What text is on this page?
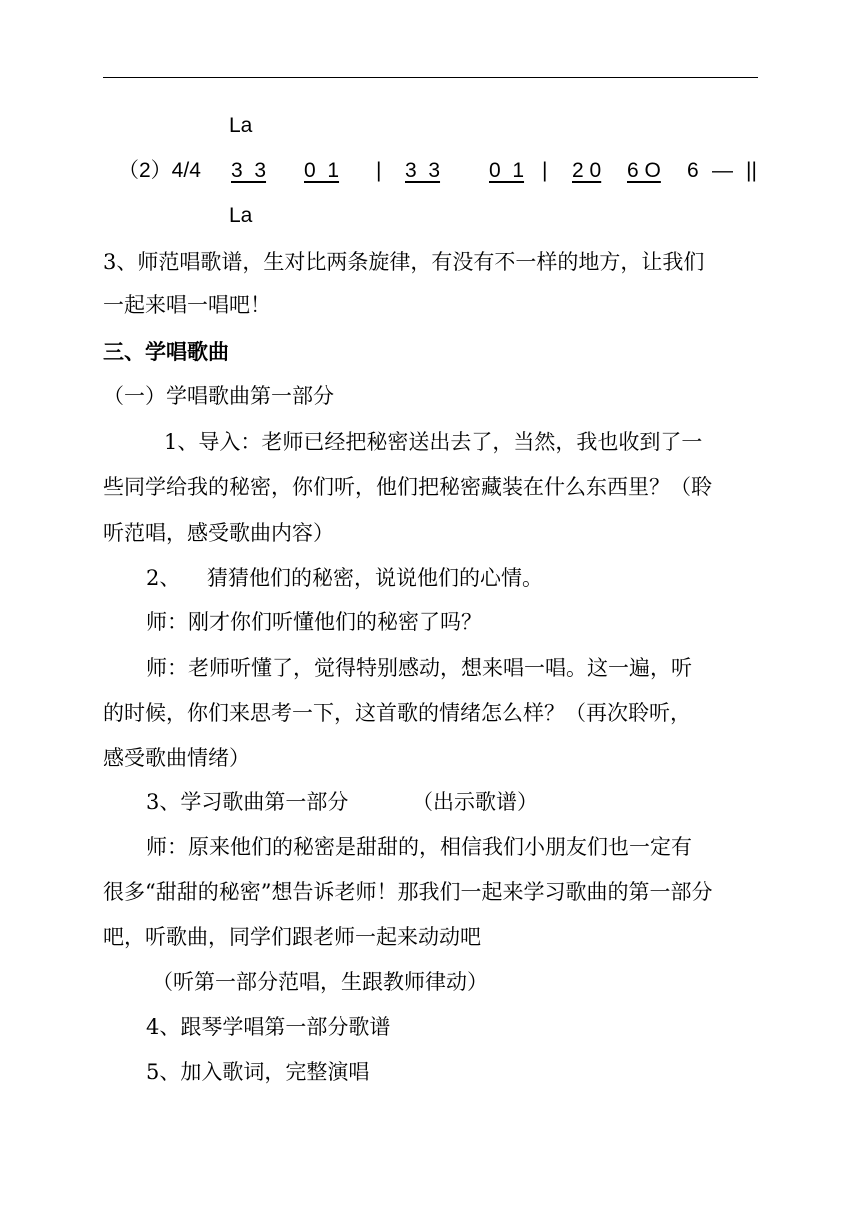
La
（2）4/4 3  3 0  1 | 3  3 0  1 | 2 0 6 O 6 — ||
La
3、师范唱歌谱，生对比两条旋律，有没有不一样的地方，让我们
一起来唱一唱吧！
三、学唱歌曲
（一）学唱歌曲第一部分
1、导入：老师已经把秘密送出去了，当然，我也收到了一
些同学给我的秘密，你们听，他们把秘密藏装在什么东西里？（聆
听范唱，感受歌曲内容）
2、 猜猜他们的秘密，说说他们的心情。
师：刚才你们听懂他们的秘密了吗？
师：老师听懂了，觉得特别感动，想来唱一唱。这一遍，听
的时候，你们来思考一下，这首歌的情绪怎么样？（再次聆听，
感受歌曲情绪）
3、学习歌曲第一部分	（出示歌谱）
师：原来他们的秘密是甜甜的，相信我们小朋友们也一定有
很多“甜甜的秘密”想告诉老师！那我们一起来学习歌曲的第一部分
吧，听歌曲，同学们跟老师一起来动动吧
（听第一部分范唱，生跟教师律动）
4、跟琴学唱第一部分歌谱
5、加入歌词，完整演唱
